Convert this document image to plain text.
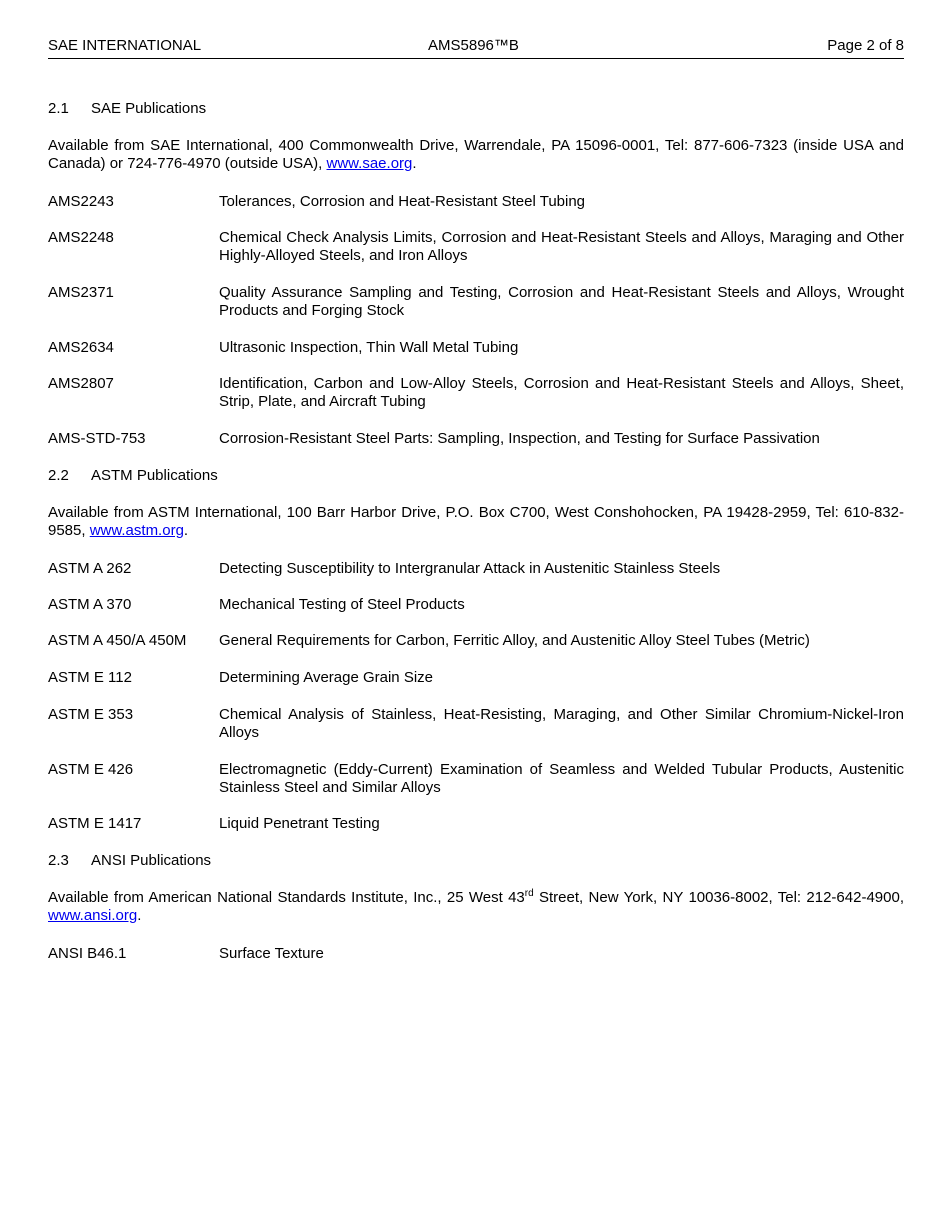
SAE INTERNATIONAL	AMS5896™B	Page 2 of 8
2.1 SAE Publications
Available from SAE International, 400 Commonwealth Drive, Warrendale, PA 15096-0001, Tel: 877-606-7323 (inside USA and Canada) or 724-776-4970 (outside USA), www.sae.org.
AMS2243	Tolerances, Corrosion and Heat-Resistant Steel Tubing
AMS2248	Chemical Check Analysis Limits, Corrosion and Heat-Resistant Steels and Alloys, Maraging and Other Highly-Alloyed Steels, and Iron Alloys
AMS2371	Quality Assurance Sampling and Testing, Corrosion and Heat-Resistant Steels and Alloys, Wrought Products and Forging Stock
AMS2634	Ultrasonic Inspection, Thin Wall Metal Tubing
AMS2807	Identification, Carbon and Low-Alloy Steels, Corrosion and Heat-Resistant Steels and Alloys, Sheet, Strip, Plate, and Aircraft Tubing
AMS-STD-753	Corrosion-Resistant Steel Parts: Sampling, Inspection, and Testing for Surface Passivation
2.2 ASTM Publications
Available from ASTM International, 100 Barr Harbor Drive, P.O. Box C700, West Conshohocken, PA 19428-2959, Tel: 610-832-9585, www.astm.org.
ASTM A 262	Detecting Susceptibility to Intergranular Attack in Austenitic Stainless Steels
ASTM A 370	Mechanical Testing of Steel Products
ASTM A 450/A 450M	General Requirements for Carbon, Ferritic Alloy, and Austenitic Alloy Steel Tubes (Metric)
ASTM E 112	Determining Average Grain Size
ASTM E 353	Chemical Analysis of Stainless, Heat-Resisting, Maraging, and Other Similar Chromium-Nickel-Iron Alloys
ASTM E 426	Electromagnetic (Eddy-Current) Examination of Seamless and Welded Tubular Products, Austenitic Stainless Steel and Similar Alloys
ASTM E 1417	Liquid Penetrant Testing
2.3 ANSI Publications
Available from American National Standards Institute, Inc., 25 West 43rd Street, New York, NY 10036-8002, Tel: 212-642-4900, www.ansi.org.
ANSI B46.1	Surface Texture
